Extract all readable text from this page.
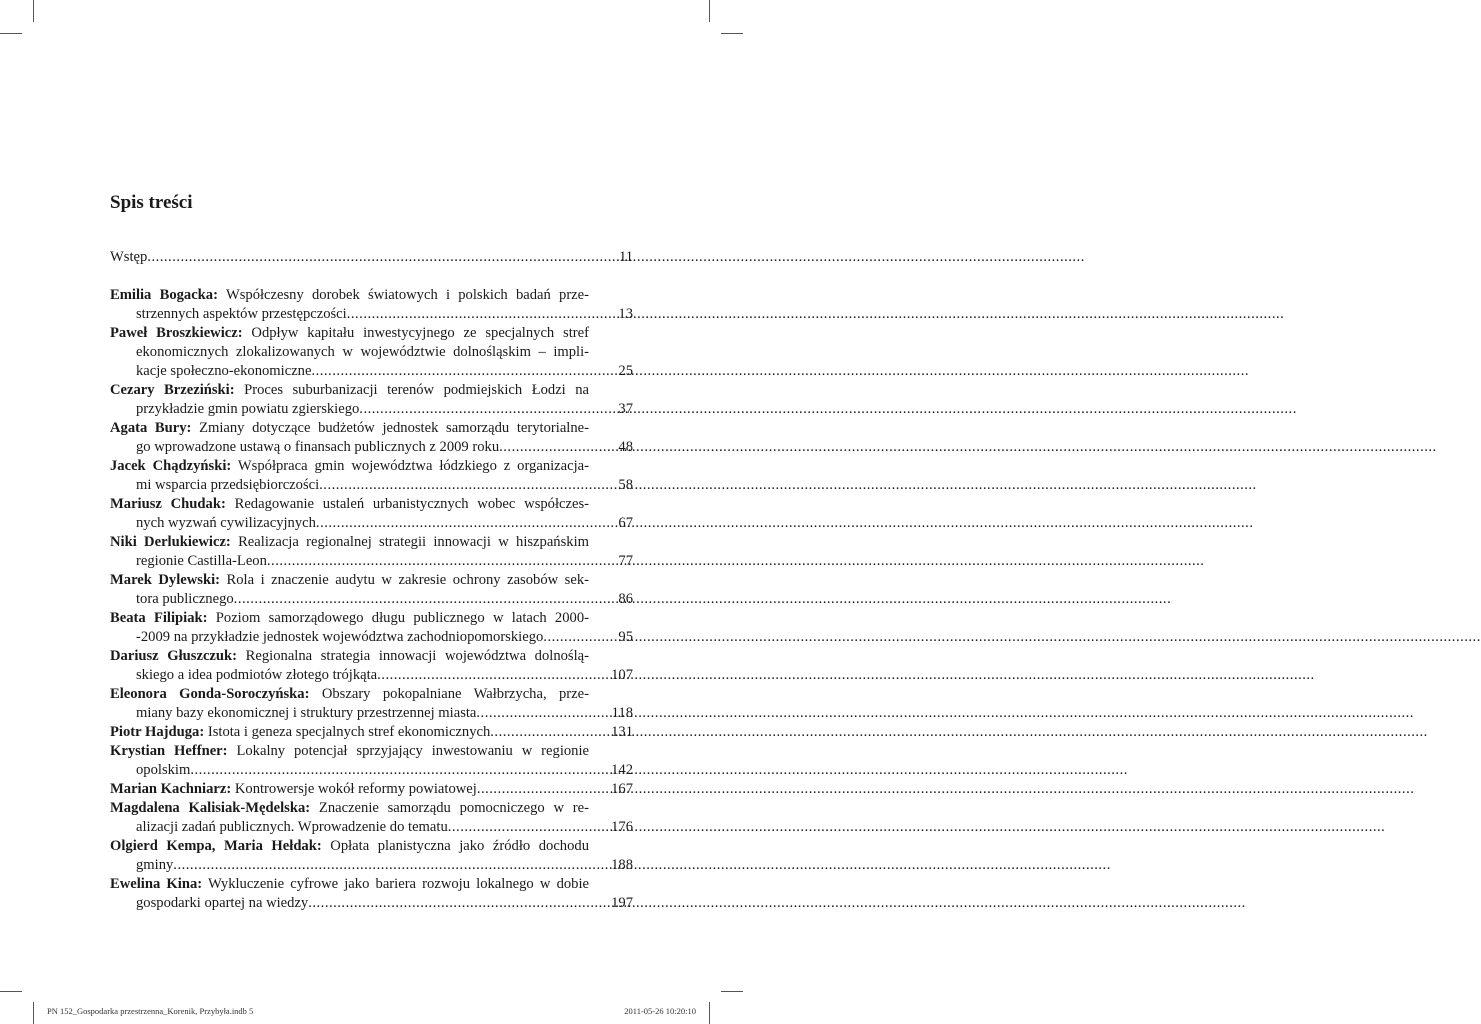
Spis treści
Wstęp .....	11
Emilia Bogacka: Współczesny dorobek światowych i polskich badań prze-
strzennych aspektów przestępczości .....	13
Paweł Broszkiewicz: Odpływ kapitału inwestycyjnego ze specjalnych stref
ekonomicznych zlokalizowanych w województwie dolnośląskim – impli-
kacje społeczno-ekonomiczne .....	25
Cezary Brzeziński: Proces suburbanizacji terenów podmiejskich Łodzi na
przykładzie gmin powiatu zgierskiego .....	37
Agata Bury: Zmiany dotyczące budżetów jednostek samorządu terytorialne-
go wprowadzone ustawą o finansach publicznych z 2009 roku .....	48
Jacek Chądzyński: Współpraca gmin województwa łódzkiego z organizacja-
mi wsparcia przedsiębiorczości .....	58
Mariusz Chudak: Redagowanie ustaleń urbanistycznych wobec współczes-
nych wyzwań cywilizacyjnych .....	67
Niki Derlukiewicz: Realizacja regionalnej strategii innowacji w hiszpańskim
regionie Castilla-Leon .....	77
Marek Dylewski: Rola i znaczenie audytu w zakresie ochrony zasobów sek-
tora publicznego .....	86
Beata Filipiak: Poziom samorządowego długu publicznego w latach 2000-
-2009 na przykładzie jednostek województwa zachodniopomorskiego .....	95
Dariusz Głuszczuk: Regionalna strategia innowacji województwa dolnoślą-
skiego a idea podmiotów złotego trójkąta .....	107
Eleonora Gonda-Soroczyńska: Obszary pokopalniane Wałbrzycha, prze-
miany bazy ekonomicznej i struktury przestrzennej miasta .....	118
Piotr Hajduga: Istota i geneza specjalnych stref ekonomicznych .....	131
Krystian Heffner: Lokalny potencjał sprzyjający inwestowaniu w regionie
opolskim .....	142
Marian Kachniarz: Kontrowersje wokół reformy powiatowej .....	167
Magdalena Kalisiak-Mędelska: Znaczenie samorządu pomocniczego w re-
alizacji zadań publicznych. Wprowadzenie do tematu .....	176
Olgierd Kempa, Maria Hełdak: Opłata planistyczna jako źródło dochodu
gminy .....	188
Ewelina Kina: Wykluczenie cyfrowe jako bariera rozwoju lokalnego w dobie
gospodarki opartej na wiedzy .....	197
PN 152_Gospodarka przestrzenna_Korenik, Przybyła.indb 5	2011-05-26 10:20:10
